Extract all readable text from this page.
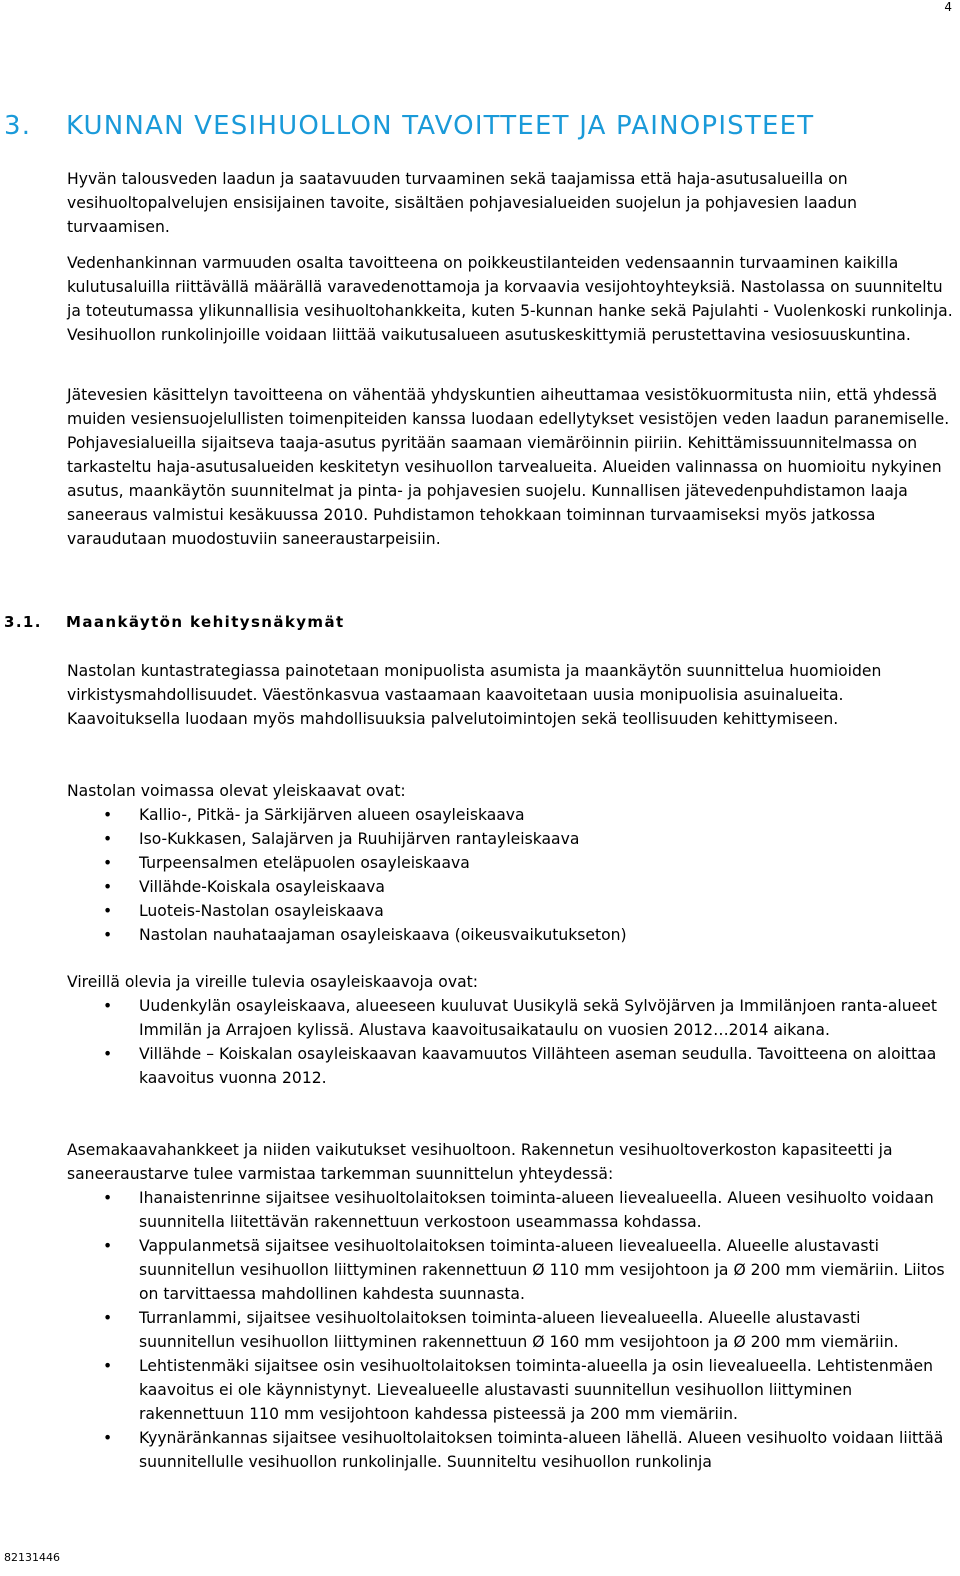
4
3. KUNNAN VESIHUOLLON TAVOITTEET JA PAINOPISTEET

Hyvän talousveden laadun ja saatavuuden turvaaminen sekä taajamissa että haja-asutusalueilla on vesihuoltopalvelujen ensisijainen tavoite, sisältäen pohjavesialueiden suojelun ja pohjavesien laadun turvaamisen.

Vedenhankinnan varmuuden osalta tavoitteena on poikkeustilanteiden vedensaannin turvaaminen kaikilla kulutusaluilla riittävällä määrällä varavedenottamoja ja korvaavia vesijohtoyhteyksiä. Nastolassa on suunniteltu ja toteutumassa ylikunnallisia vesihuoltohankkeita, kuten 5-kunnan hanke sekä Pajulahti - Vuolenkoski runkolinja. Vesihuollon runkolinjoille voidaan liittää vaikutusalueen asutuskeskittymiä perustettavina vesiosuuskuntina.

Jätevesien käsittelyn tavoitteena on vähentää yhdyskuntien aiheuttamaa vesistökuormitusta niin, että yhdessä muiden vesiensuojelullisten toimenpiteiden kanssa luodaan edellytykset vesistöjen veden laadun paranemiselle. Pohjavesialueilla sijaitseva taaja-asutus pyritään saamaan viemäröinnin piiriin. Kehittämissuunnitelmassa on tarkasteltu haja-asutusalueiden keskitetyn vesihuollon tarvealueita. Alueiden valinnassa on huomioitu nykyinen asutus, maankäytön suunnitelmat ja pinta- ja pohjavesien suojelu. Kunnallisen jätevedenpuhdistamon laaja saneeraus valmistui kesäkuussa 2010. Puhdistamon tehokkaan toiminnan turvaamiseksi myös jatkossa varaudutaan muodostuviin saneeraustarpeisiin.

3.1. Maankäytön kehitysnäkymät

Nastolan kuntastrategiassa painotetaan monipuolista asumista ja maankäytön suunnittelua huomioiden virkistysmahdollisuudet. Väestönkasvua vastaamaan kaavoitetaan uusia monipuolisia asuinalueita. Kaavoituksella luodaan myös mahdollisuuksia palvelutoimintojen sekä teollisuuden kehittymiseen.

Nastolan voimassa olevat yleiskaavat ovat:

• Kallio-, Pitkä- ja Särkijärven alueen osayleiskaava
• Iso-Kukkasen, Salajärven ja Ruuhijärven rantayleiskaava
• Turpeensalmen eteläpuolen osayleiskaava
• Villähde-Koiskala osayleiskaava
• Luoteis-Nastolan osayleiskaava
• Nastolan nauhataajaman osayleiskaava (oikeusvaikutukseton)

Vireillä olevia ja vireille tulevia osayleiskaavoja ovat:

• Uudenkylän osayleiskaava, alueeseen kuuluvat Uusikylä sekä Sylvöjärven ja Immilänjoen ranta-alueet Immilän ja Arrajoen kylissä. Alustava kaavoitusaikataulu on vuosien 2012…2014 aikana.
• Villähde – Koiskalan osayleiskaavan kaavamuutos Villähteen aseman seudulla. Tavoitteena on aloittaa kaavoitus vuonna 2012.

Asemakaavahankkeet ja niiden vaikutukset vesihuoltoon. Rakennetun vesihuoltoverkoston kapasiteetti ja saneeraustarve tulee varmistaa tarkemman suunnittelun yhteydessä:

• Ihanaistenrinne sijaitsee vesihuoltolaitoksen toiminta-alueen lievealueella. Alueen vesihuolto voidaan suunnitella liitettävän rakennettuun verkostoon useammassa kohdassa.
• Vappulanmetsä sijaitsee vesihuoltolaitoksen toiminta-alueen lievealueella. Alueelle alustavasti suunnitellun vesihuollon liittyminen rakennettuun Ø 110 mm vesijohtoon ja Ø 200 mm viemäriin. Liitos on tarvittaessa mahdollinen kahdesta suunnasta.
• Turranlammi, sijaitsee vesihuoltolaitoksen toiminta-alueen lievealueella. Alueelle alustavasti suunnitellun vesihuollon liittyminen rakennettuun Ø 160 mm vesijohtoon ja Ø 200 mm viemäriin.
• Lehtistenmäki sijaitsee osin vesihuoltolaitoksen toiminta-alueella ja osin lievealueella. Lehtistenmäen kaavoitus ei ole käynnistynyt. Lievealueelle alustavasti suunnitellun vesihuollon liittyminen rakennettuun 110 mm vesijohtoon kahdessa pisteessä ja 200 mm viemäriin.
• Kyynäränkannas sijaitsee vesihuoltolaitoksen toiminta-alueen lähellä. Alueen vesihuolto voidaan liittää suunnitellulle vesihuollon runkolinjalle. Suunniteltu vesihuollon runkolinja
82131446
